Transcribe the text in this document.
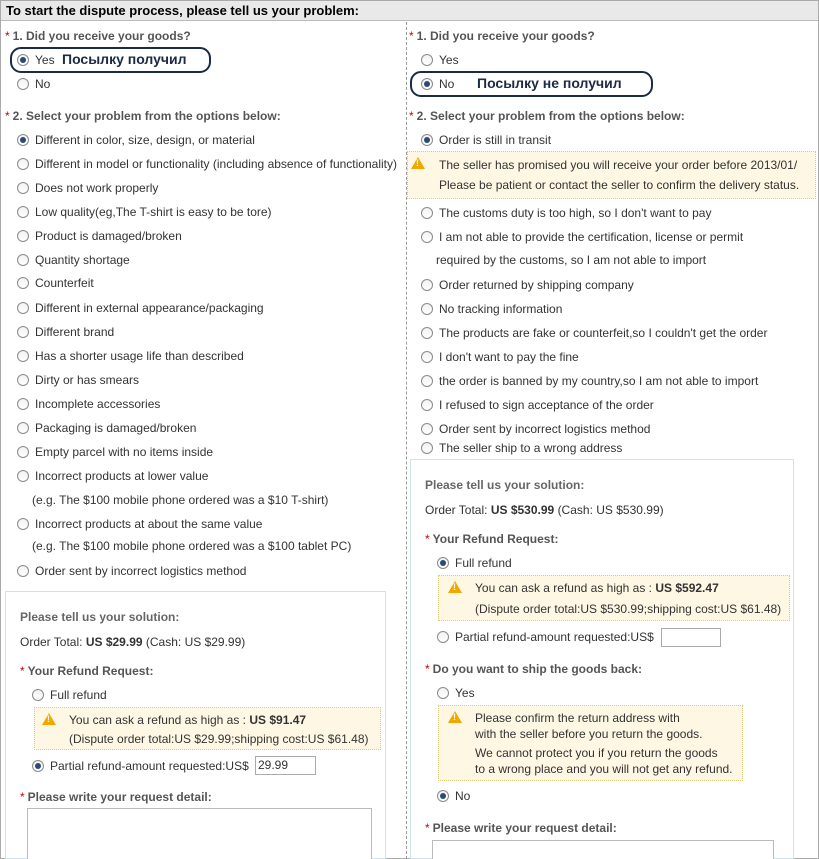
To start the dispute process, please tell us your problem:
* 1. Did you receive your goods?
Yes Посылку получил
No
* 2. Select your problem from the options below:
Different in color, size, design, or material
Different in model or functionality (including absence of functionality)
Does not work properly
Low quality(eg,The T-shirt is easy to be tore)
Product is damaged/broken
Quantity shortage
Counterfeit
Different in external appearance/packaging
Different brand
Has a shorter usage life than described
Dirty or has smears
Incomplete accessories
Packaging is damaged/broken
Empty parcel with no items inside
Incorrect products at lower value
(e.g. The $100 mobile phone ordered was a $10 T-shirt)
Incorrect products at about the same value
(e.g. The $100 mobile phone ordered was a $100 tablet PC)
Order sent by incorrect logistics method
Please tell us your solution:
Order Total: US $29.99 (Cash: US $29.99)
* Your Refund Request:
Full refund
!
You can ask a refund as high as : US $91.47
(Dispute order total:US $29.99;shipping cost:US $61.48)
Partial refund-amount requested:US$ 29.99
* Please write your request detail:
* 1. Did you receive your goods?
Yes
No Посылку не получил
* 2. Select your problem from the options below:
Order is still in transit
!
The seller has promised you will receive your order before 2013/01/
Please be patient or contact the seller to confirm the delivery status.
The customs duty is too high, so I don't want to pay
I am not able to provide the certification, license or permit
required by the customs, so I am not able to import
Order returned by shipping company
No tracking information
The products are fake or counterfeit,so I couldn't get the order
I don't want to pay the fine
the order is banned by my country,so I am not able to import
I refused to sign acceptance of the order
Order sent by incorrect logistics method
The seller ship to a wrong address
Please tell us your solution:
Order Total: US $530.99 (Cash: US $530.99)
* Your Refund Request:
Full refund
!
You can ask a refund as high as : US $592.47
(Dispute order total:US $530.99;shipping cost:US $61.48)
Partial refund-amount requested:US$
* Do you want to ship the goods back:
Yes
!
Please confirm the return address with
with the seller before you return the goods.
We cannot protect you if you return the goods
to a wrong place and you will not get any refund.
No
* Please write your request detail:
